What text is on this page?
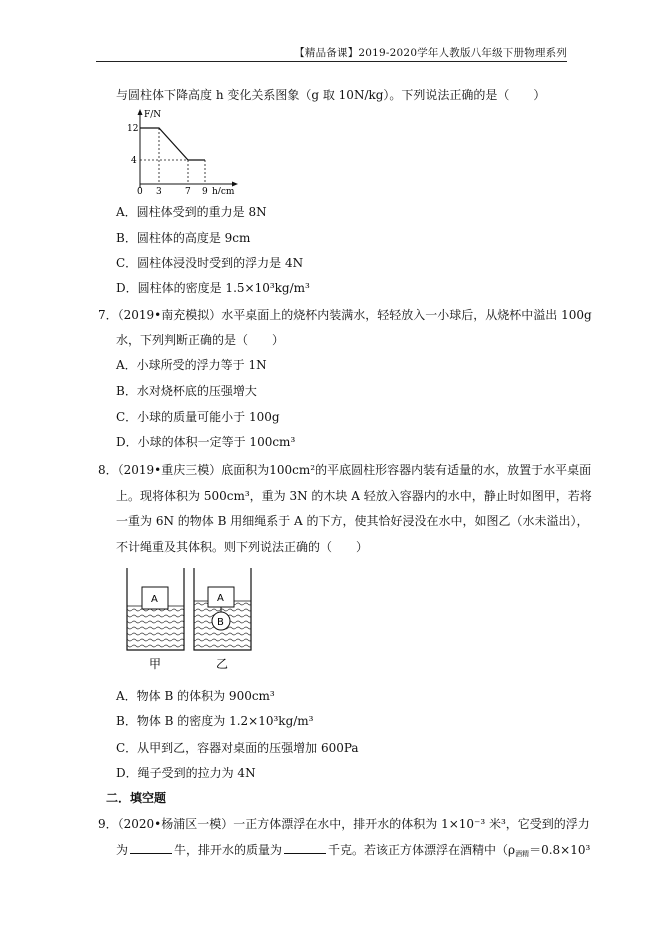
【精品备课】2019-2020学年人教版八年级下册物理系列
与圆柱体下降高度 h 变化关系图象（g 取 10N/kg）。下列说法正确的是（　　）
F/N
12
4
0 3	7 9 h/cm
A．圆柱体受到的重力是 8N
B．圆柱体的高度是 9cm
C．圆柱体浸没时受到的浮力是 4N
D．圆柱体的密度是 1.5×10³kg/m³
7．（2019•南充模拟）水平桌面上的烧杯内装满水，轻轻放入一小球后，从烧杯中溢出 100g
水，下列判断正确的是（　　）
A．小球所受的浮力等于 1N
B．水对烧杯底的压强增大
C．小球的质量可能小于 100g
D．小球的体积一定等于 100cm³
8．（2019•重庆三模）底面积为100cm²的平底圆柱形容器内装有适量的水，放置于水平桌面
上。现将体积为 500cm³，重为 3N 的木块 A 轻放入容器内的水中，静止时如图甲，若将
一重为 6N 的物体 B 用细绳系于 A 的下方，使其恰好浸没在水中，如图乙（水未溢出），
不计绳重及其体积。则下列说法正确的（　　）
A	A
B
甲	乙
A．物体 B 的体积为 900cm³
B．物体 B 的密度为 1.2×10³kg/m³
C．从甲到乙，容器对桌面的压强增加 600Pa
D．绳子受到的拉力为 4N
二．填空题
9．（2020•杨浦区一模）一正方体漂浮在水中，排开水的体积为 1×10⁻³ 米³，它受到的浮力
为	牛，排开水的质量为	千克。若该正方体漂浮在酒精中（$\rho_{酒精}=0.8\times 10^3$
